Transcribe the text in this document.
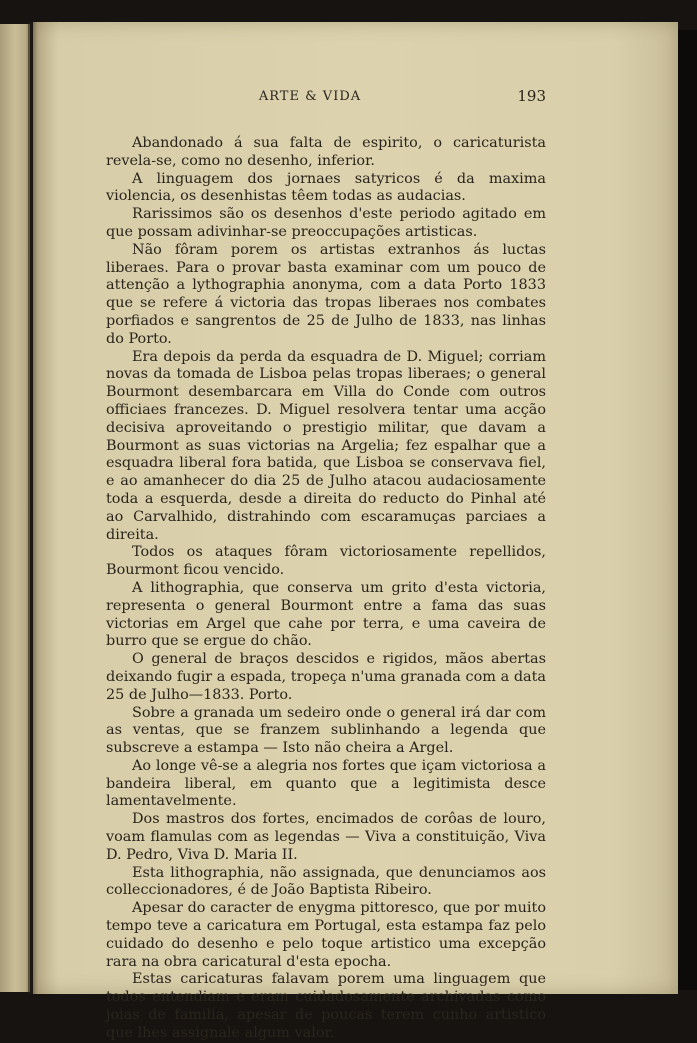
ARTE & VIDA	193

Abandonado á sua falta de espirito, o caricaturista revela-se, como no desenho, inferior.

A linguagem dos jornaes satyricos é da maxima violencia, os desenhistas têem todas as audacias.

Rarissimos são os desenhos d'este periodo agitado em que possam adivinhar-se preoccupações artisticas.

Não fôram porem os artistas extranhos ás luctas liberaes. Para o provar basta examinar com um pouco de attenção a lythographia anonyma, com a data Porto 1833 que se refere á victoria das tropas liberaes nos combates porfiados e sangrentos de 25 de Julho de 1833, nas linhas do Porto.

Era depois da perda da esquadra de D. Miguel; corriam novas da tomada de Lisboa pelas tropas liberaes; o general Bourmont desembarcara em Villa do Conde com outros officiaes francezes. D. Miguel resolvera tentar uma acção decisiva aproveitando o prestigio militar, que davam a Bourmont as suas victorias na Argelia; fez espalhar que a esquadra liberal fora batida, que Lisboa se conservava fiel, e ao amanhecer do dia 25 de Julho atacou audaciosamente toda a esquerda, desde a direita do reducto do Pinhal até ao Carvalhido, distrahindo com escaramuças parciaes a direita.

Todos os ataques fôram victoriosamente repellidos, Bourmont ficou vencido.

A lithographia, que conserva um grito d'esta victoria, representa o general Bourmont entre a fama das suas victorias em Argel que cahe por terra, e uma caveira de burro que se ergue do chão.

O general de braços descidos e rigidos, mãos abertas deixando fugir a espada, tropeça n'uma granada com a data 25 de Julho—1833. Porto.

Sobre a granada um sedeiro onde o general irá dar com as ventas, que se franzem sublinhando a legenda que subscreve a estampa — Isto não cheira a Argel.

Ao longe vê-se a alegria nos fortes que içam victoriosa a bandeira liberal, em quanto que a legitimista desce lamentavelmente.

Dos mastros dos fortes, encimados de corôas de louro, voam flamulas com as legendas — Viva a constituição, Viva D. Pedro, Viva D. Maria II.

Esta lithographia, não assignada, que denunciamos aos colleccionadores, é de João Baptista Ribeiro.

Apesar do caracter de enygma pittoresco, que por muito tempo teve a caricatura em Portugal, esta estampa faz pelo cuidado do desenho e pelo toque artistico uma excepção rara na obra caricatural d'esta epocha.

Estas caricaturas falavam porem uma linguagem que todos entendiam e eram cuidadosamente archivadas como joias de familia, apesar de poucas terem cunho artistico que lhes assignale algum valor.
